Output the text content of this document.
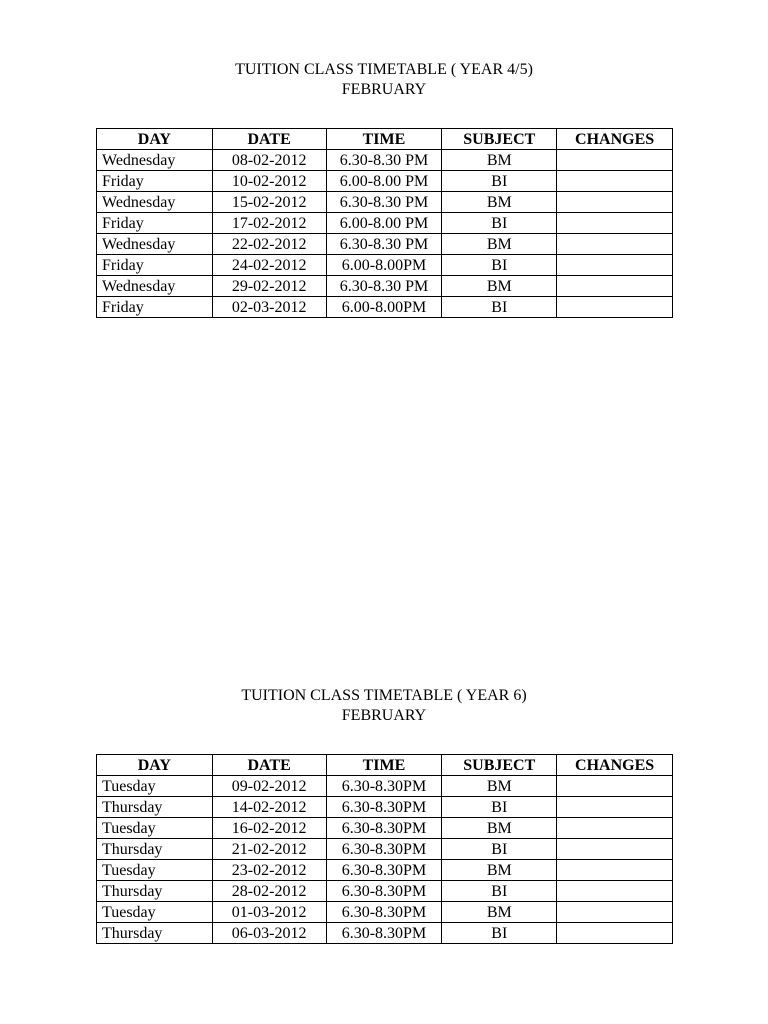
TUITION CLASS TIMETABLE ( YEAR 4/5)

FEBRUARY

DAY	DATE	TIME	SUBJECT	CHANGES
Wednesday	08-02-2012	6.30-8.30 PM	BM	
Friday	10-02-2012	6.00-8.00 PM	BI	
Wednesday	15-02-2012	6.30-8.30 PM	BM	
Friday	17-02-2012	6.00-8.00 PM	BI	
Wednesday	22-02-2012	6.30-8.30 PM	BM	
Friday	24-02-2012	6.00-8.00PM	BI	
Wednesday	29-02-2012	6.30-8.30 PM	BM	
Friday	02-03-2012	6.00-8.00PM	BI	

TUITION CLASS TIMETABLE ( YEAR 6)

FEBRUARY

DAY	DATE	TIME	SUBJECT	CHANGES
Tuesday	09-02-2012	6.30-8.30PM	BM	
Thursday	14-02-2012	6.30-8.30PM	BI	
Tuesday	16-02-2012	6.30-8.30PM	BM	
Thursday	21-02-2012	6.30-8.30PM	BI	
Tuesday	23-02-2012	6.30-8.30PM	BM	
Thursday	28-02-2012	6.30-8.30PM	BI	
Tuesday	01-03-2012	6.30-8.30PM	BM	
Thursday	06-03-2012	6.30-8.30PM	BI	
